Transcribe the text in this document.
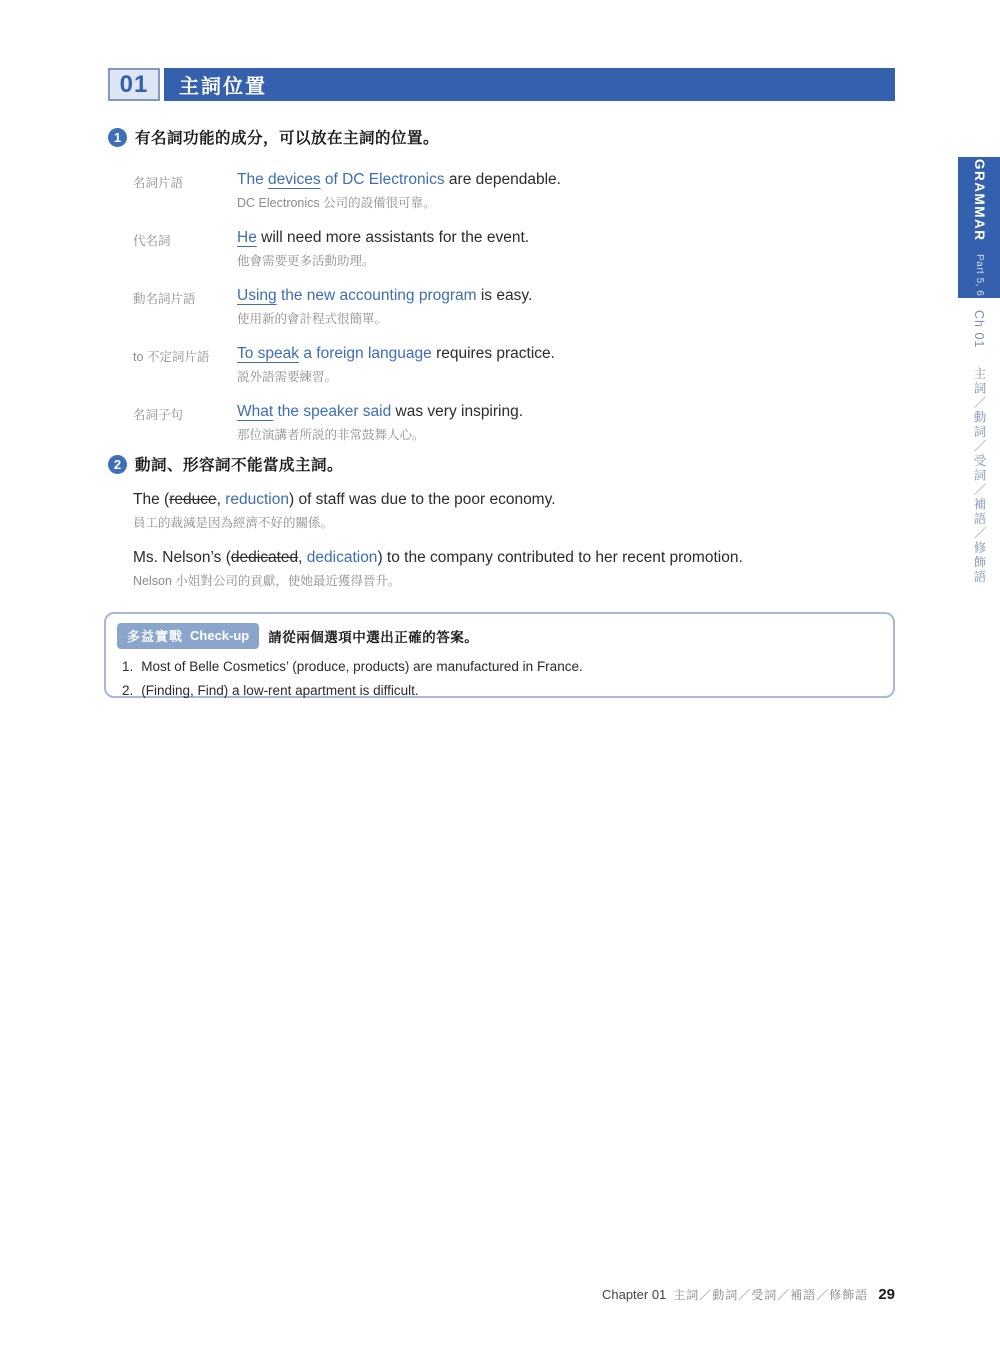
01 主詞位置
1 有名詞功能的成分，可以放在主詞的位置。
名詞片語	The devices of DC Electronics are dependable.
DC Electronics 公司的設備很可靠。
代名詞	He will need more assistants for the event.
他會需要更多活動助理。
動名詞片語	Using the new accounting program is easy.
使用新的會計程式很簡單。
to 不定詞片語	To speak a foreign language requires practice.
説外語需要練習。
名詞子句	What the speaker said was very inspiring.
那位演講者所説的非常鼓舞人心。
2 動詞、形容詞不能當成主詞。
The (reduce, reduction) of staff was due to the poor economy.
員工的裁減是因為經濟不好的關係。
Ms. Nelson’s (dedicated, dedication) to the company contributed to her recent promotion.
Nelson 小姐對公司的貢獻，使她最近獲得晉升。
多益實戰 Check-up 請從兩個選項中選出正確的答案。
1. Most of Belle Cosmetics’ (produce, products) are manufactured in France.
2. (Finding, Find) a low-rent apartment is difficult.
GRAMMAR Part 5, 6
Ch 01 主詞／動詞／受詞／補語／修飾語
Chapter 01 主詞／動詞／受詞／補語／修飾語 29
